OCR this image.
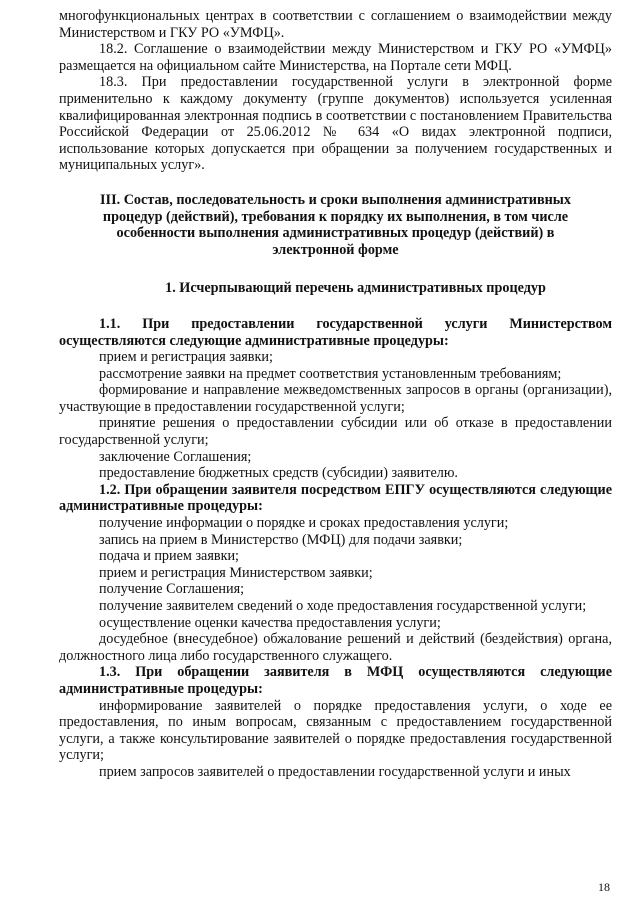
многофункциональных центрах в соответствии с соглашением о взаимодействии между Министерством и ГКУ РО «УМФЦ».

18.2. Соглашение о взаимодействии между Министерством и ГКУ РО «УМФЦ» размещается на официальном сайте Министерства, на Портале сети МФЦ.

18.3. При предоставлении государственной услуги в электронной форме применительно к каждому документу (группе документов) используется усиленная квалифицированная электронная подпись в соответствии с постановлением Правительства Российской Федерации от 25.06.2012 № 634 «О видах электронной подписи, использование которых допускается при обращении за получением государственных и муниципальных услуг».

III. Состав, последовательность и сроки выполнения административных процедур (действий), требования к порядку их выполнения, в том числе особенности выполнения административных процедур (действий) в электронной форме

1. Исчерпывающий перечень административных процедур

1.1. При предоставлении государственной услуги Министерством осуществляются следующие административные процедуры:

прием и регистрация заявки;

рассмотрение заявки на предмет соответствия установленным требованиям;

формирование и направление межведомственных запросов в органы (организации), участвующие в предоставлении государственной услуги;

принятие решения о предоставлении субсидии или об отказе в предоставлении государственной услуги;

заключение Соглашения;

предоставление бюджетных средств (субсидии) заявителю.

1.2. При обращении заявителя посредством ЕПГУ осуществляются следующие административные процедуры:

получение информации о порядке и сроках предоставления услуги;

запись на прием в Министерство (МФЦ) для подачи заявки;

подача и прием заявки;

прием и регистрация Министерством заявки;

получение Соглашения;

получение заявителем сведений о ходе предоставления государственной услуги;

осуществление оценки качества предоставления услуги;

досудебное (внесудебное) обжалование решений и действий (бездействия) органа, должностного лица либо государственного служащего.

1.3. При обращении заявителя в МФЦ осуществляются следующие административные процедуры:

информирование заявителей о порядке предоставления услуги, о ходе ее предоставления, по иным вопросам, связанным с предоставлением государственной услуги, а также консультирование заявителей о порядке предоставления государственной услуги;

прием запросов заявителей о предоставлении государственной услуги и иных

18
